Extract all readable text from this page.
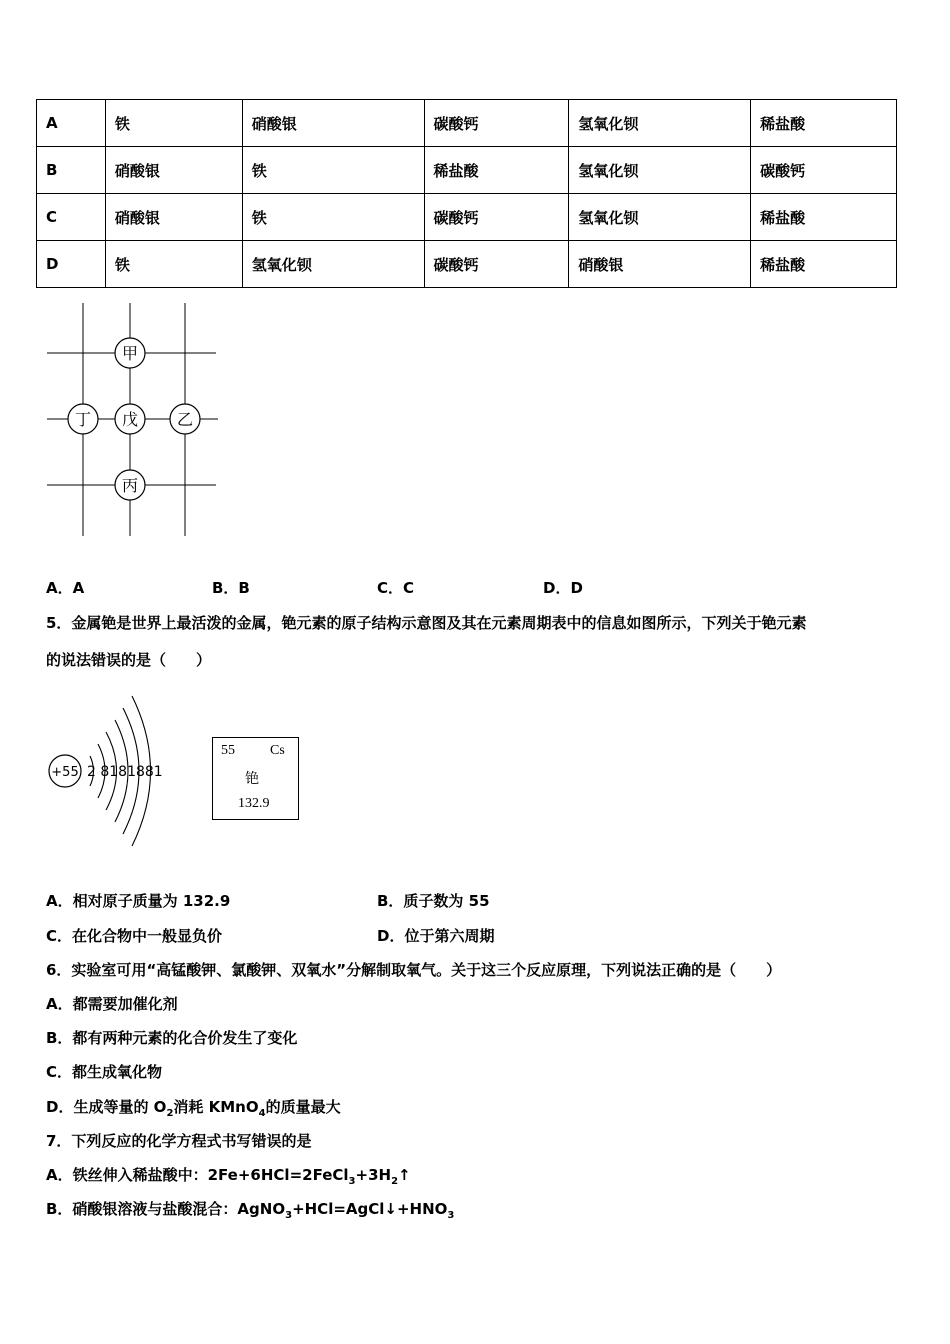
A	铁	硝酸银	碳酸钙	氢氧化钡	稀盐酸
B	硝酸银	铁	稀盐酸	氢氧化钡	碳酸钙
C	硝酸银	铁	碳酸钙	氢氧化钡	稀盐酸
D	铁	氢氧化钡	碳酸钙	硝酸银	稀盐酸
甲
丁 戊 乙
丙
A．A	B．B	C．C	D．D
5．金属铯是世界上最活泼的金属，铯元素的原子结构示意图及其在元素周期表中的信息如图所示，下列关于铯元素
的说法错误的是（　　）
+55 2 8181881
55	Cs
铯
132.9
A．相对原子质量为 132.9	B．质子数为 55
C．在化合物中一般显负价	D．位于第六周期
6．实验室可用“高锰酸钾、氯酸钾、双氧水”分解制取氧气。关于这三个反应原理，下列说法正确的是（　　）
A．都需要加催化剂
B．都有两种元素的化合价发生了变化
C．都生成氧化物
D．生成等量的 $O_2$消耗 KMnO$_4$的质量最大
7．下列反应的化学方程式书写错误的是
A．铁丝伸入稀盐酸中：$2Fe+6HCl=2FeCl_3+3H_2↑$
B．硝酸银溶液与盐酸混合：$AgNO_3+HCl=AgCl↓+HNO_3$
